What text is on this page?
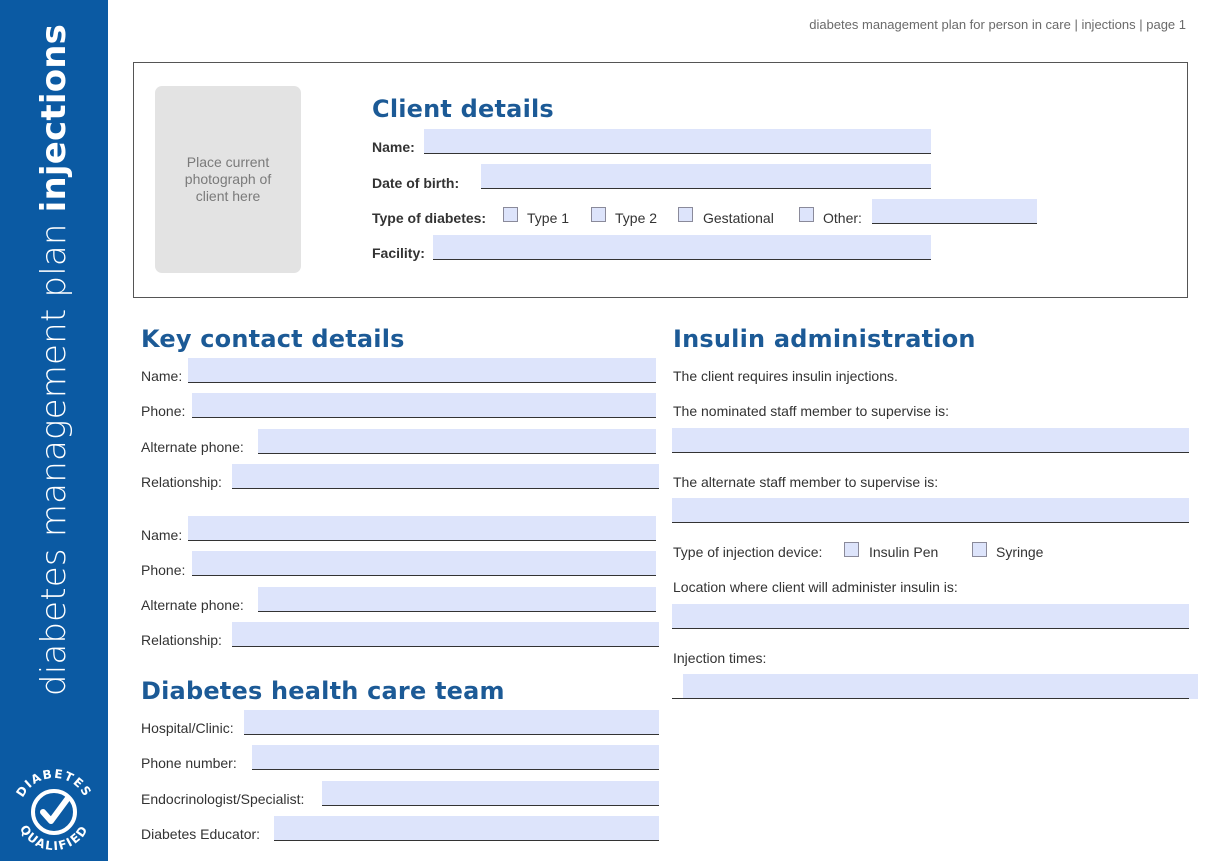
diabetes management plan injections
DIABETES
QUALIFIED
diabetes management plan for person in care | injections | page 1
Place current photograph of client here
Client details
Name:
Date of birth:
Type of diabetes:	Type 1	Type 2	Gestational	Other:
Facility:
Key contact details
Name:
Phone:
Alternate phone:
Relationship:
Name:
Phone:
Alternate phone:
Relationship:
Diabetes health care team
Hospital/Clinic:
Phone number:
Endocrinologist/Specialist:
Diabetes Educator:
Insulin administration
The client requires insulin injections.
The nominated staff member to supervise is:
The alternate staff member to supervise is:
Type of injection device:	Insulin Pen	Syringe
Location where client will administer insulin is:
Injection times:
